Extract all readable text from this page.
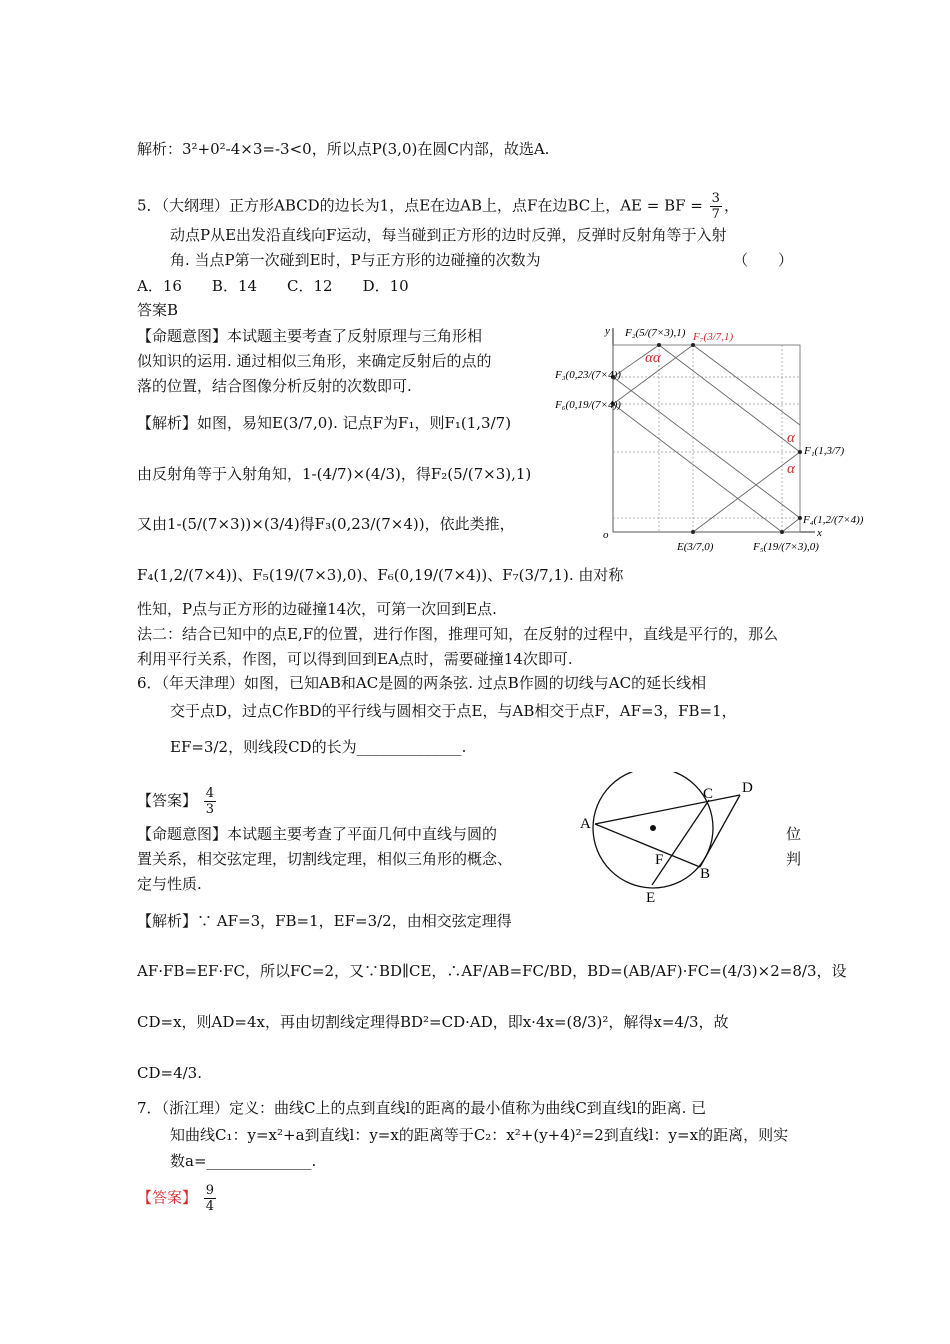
解析：3²+0²-4×3=-3<0，所以点P(3,0)在圆C内部，故选A.
5．（大纲理）正方形ABCD的边长为1，点E在边AB上，点F在边BC上，AE = BF = $\frac{3}{7}$ ，
动点P从E出发沿直线向F运动，每当碰到正方形的边时反弹，反弹时反射角等于入射
角. 当点P第一次碰到E时，P与正方形的边碰撞的次数为	（　　）
A．16　　B．14　　C．12　　D．10
答案B
【命题意图】本试题主要考查了反射原理与三角形相
似知识的运用. 通过相似三角形，来确定反射后的点的
落的位置，结合图像分析反射的次数即可.
【解析】如图，易知E(3/7,0). 记点F为F₁，则F₁(1,3/7)
由反射角等于入射角知，1-(4/7)×(4/3)，得F₂(5/(7×3),1)
又由1-(5/(7×3))×(3/4)得F₃(0,23/(7×4))，依此类推，
F₄(1,2/(7×4))、F₅(19/(7×3),0)、F₆(0,19/(7×4))、F₇(3/7,1). 由对称
性知，P点与正方形的边碰撞14次，可第一次回到E点.
法二：结合已知中的点E,F的位置，进行作图，推理可知，在反射的过程中，直线是平行的，那么
利用平行关系，作图，可以得到回到EA点时，需要碰撞14次即可.
y F₂(5/(7×3),1) F₇(3/7,1)
αα
F₃(0,23/(7×4))
F₆(0,19/(7×4))
α
F₁(1,3/7)
α
F₄(1,2/(7×4))
o
E(3/7,0)	F₅(19/(7×3),0)
x
6．（年天津理）如图，已知AB和AC是圆的两条弦. 过点B作圆的切线与AC的延长线相
交于点D，过点C作BD的平行线与圆相交于点E，与AB相交于点F，AF=3，FB=1，
EF=3/2，则线段CD的长为______________.
【答案】 $\frac{4}{3}$
【命题意图】本试题主要考查了平面几何中直线与圆的	位
置关系，相交弦定理，切割线定理，相似三角形的概念、	判
定与性质.
【解析】∵ AF=3，FB=1，EF=3/2，由相交弦定理得
AF·FB=EF·FC，所以FC=2，又∵BD∥CE，∴AF/AB=FC/BD，BD=(AB/AF)·FC=(4/3)×2=8/3，设
CD=x，则AD=4x，再由切割线定理得BD²=CD·AD，即x·4x=(8/3)²，解得x=4/3，故
CD=4/3.
A
C D
F
B
E
7．（浙江理）定义：曲线C上的点到直线l的距离的最小值称为曲线C到直线l的距离. 已
知曲线C₁：y=x²+a到直线l：y=x的距离等于C₂：x²+(y+4)²=2到直线l：y=x的距离，则实
数a=______________.
【答案】 $\frac{9}{4}$
